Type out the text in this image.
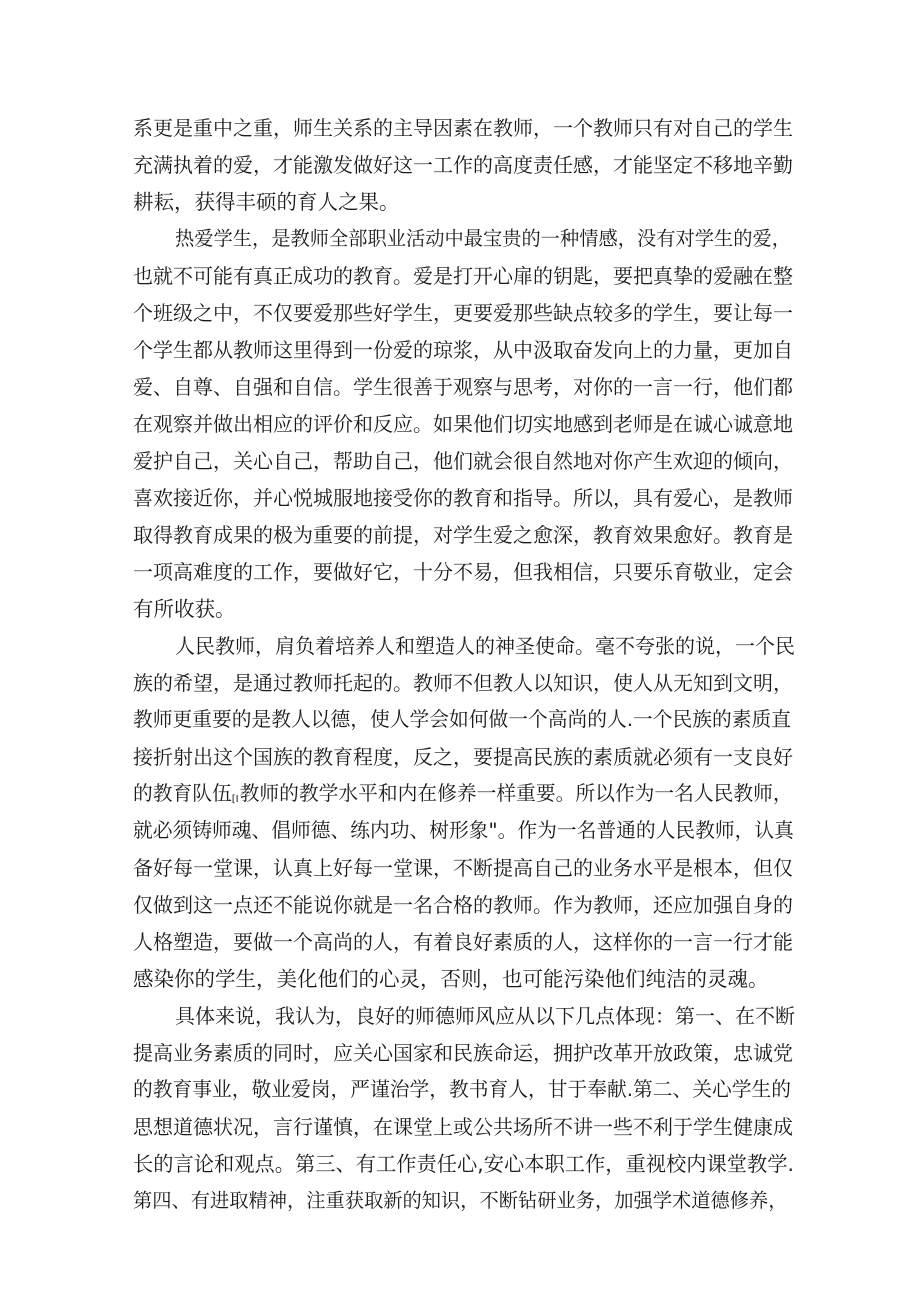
系更是重中之重，师生关系的主导因素在教师，一个教师只有对自己的学生

充满执着的爱，才能激发做好这一工作的高度责任感，才能坚定不移地辛勤

耕耘，获得丰硕的育人之果。

热爱学生，是教师全部职业活动中最宝贵的一种情感，没有对学生的爱，

也就不可能有真正成功的教育。爱是打开心扉的钥匙，要把真挚的爱融在整

个班级之中，不仅要爱那些好学生，更要爱那些缺点较多的学生，要让每一

个学生都从教师这里得到一份爱的琼浆，从中汲取奋发向上的力量，更加自

爱、自尊、自强和自信。学生很善于观察与思考，对你的一言一行，他们都

在观察并做出相应的评价和反应。如果他们切实地感到老师是在诚心诚意地

爱护自己，关心自己，帮助自己，他们就会很自然地对你产生欢迎的倾向，

喜欢接近你，并心悦城服地接受你的教育和指导。所以，具有爱心，是教师

取得教育成果的极为重要的前提，对学生爱之愈深，教育效果愈好。教育是

一项高难度的工作，要做好它，十分不易，但我相信，只要乐育敬业，定会

有所收获。

人民教师，肩负着培养人和塑造人的神圣使命。毫不夸张的说，一个民

族的希望，是通过教师托起的。教师不但教人以知识，使人从无知到文明，

教师更重要的是教人以德，使人学会如何做一个高尚的人.一个民族的素质直

接折射出这个国族的教育程度，反之，要提高民族的素质就必须有一支良好

的教育队伍[I教师的教学水平和内在修养一样重要。所以作为一名人民教师，

就必须铸师魂、倡师德、练内功、树形象"。作为一名普通的人民教师，认真

备好每一堂课，认真上好每一堂课，不断提高自己的业务水平是根本，但仅

仅做到这一点还不能说你就是一名合格的教师。作为教师，还应加强自身的

人格塑造，要做一个高尚的人，有着良好素质的人，这样你的一言一行才能

感染你的学生，美化他们的心灵，否则，也可能污染他们纯洁的灵魂。

具体来说，我认为，良好的师德师风应从以下几点体现：第一、在不断

提高业务素质的同时，应关心国家和民族命运，拥护改革开放政策，忠诚党

的教育事业，敬业爱岗，严谨治学，教书育人，甘于奉献.第二、关心学生的

思想道德状况，言行谨慎，在课堂上或公共场所不讲一些不利于学生健康成

长的言论和观点。第三、有工作责任心,安心本职工作，重视校内课堂教学.

第四、有进取精神，注重获取新的知识，不断钻研业务，加强学术道德修养，
